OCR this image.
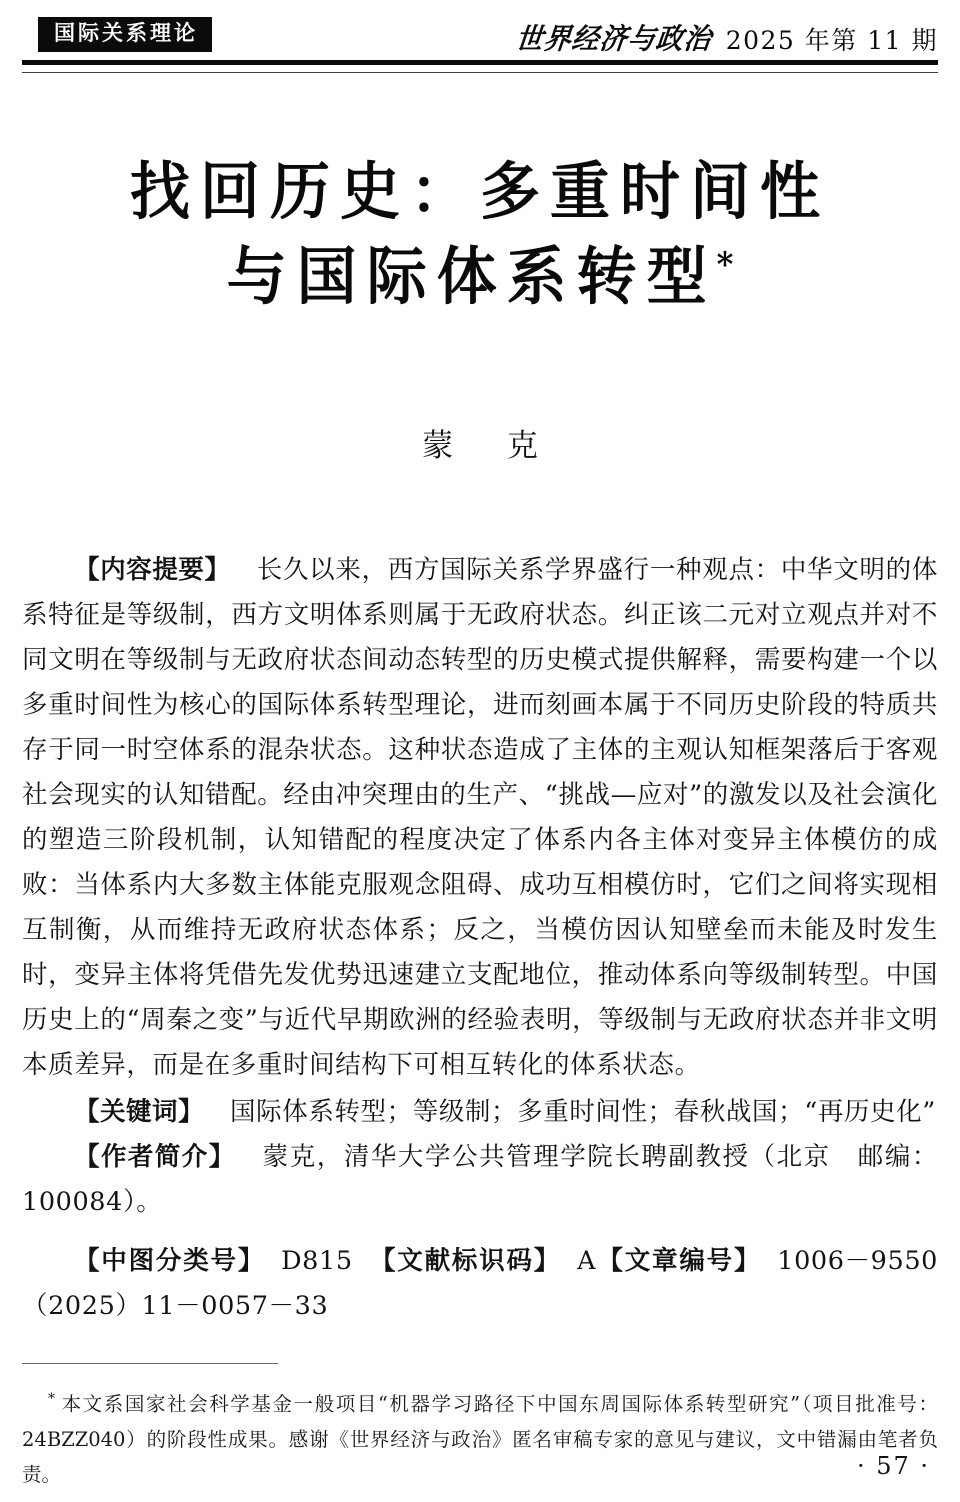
国际关系理论	世界经济与政治 2025 年第 11 期
找回历史：多重时间性
与国际体系转型*
蒙 克

【内容提要】 长久以来，西方国际关系学界盛行一种观点：中华文明的体系特征是等级制，西方文明体系则属于无政府状态。纠正该二元对立观点并对不同文明在等级制与无政府状态间动态转型的历史模式提供解释，需要构建一个以多重时间性为核心的国际体系转型理论，进而刻画本属于不同历史阶段的特质共存于同一时空体系的混杂状态。这种状态造成了主体的主观认知框架落后于客观社会现实的认知错配。经由冲突理由的生产、“挑战—应对”的激发以及社会演化的塑造三阶段机制，认知错配的程度决定了体系内各主体对变异主体模仿的成败：当体系内大多数主体能克服观念阻碍、成功互相模仿时，它们之间将实现相互制衡，从而维持无政府状态体系；反之，当模仿因认知壁垒而未能及时发生时，变异主体将凭借先发优势迅速建立支配地位，推动体系向等级制转型。中国历史上的“周秦之变”与近代早期欧洲的经验表明，等级制与无政府状态并非文明本质差异，而是在多重时间结构下可相互转化的体系状态。

【关键词】 国际体系转型；等级制；多重时间性；春秋战国；“再历史化”

【作者简介】 蒙克，清华大学公共管理学院长聘副教授（北京　邮编：100084）。

【中图分类号】 D815 【文献标识码】 A【文章编号】 1006－9550（2025）11－0057－33

* 本文系国家社会科学基金一般项目“机器学习路径下中国东周国际体系转型研究”（项目批准号：24BZZ040）的阶段性成果。感谢《世界经济与政治》匿名审稿专家的意见与建议，文中错漏由笔者负责。	· 57 ·
